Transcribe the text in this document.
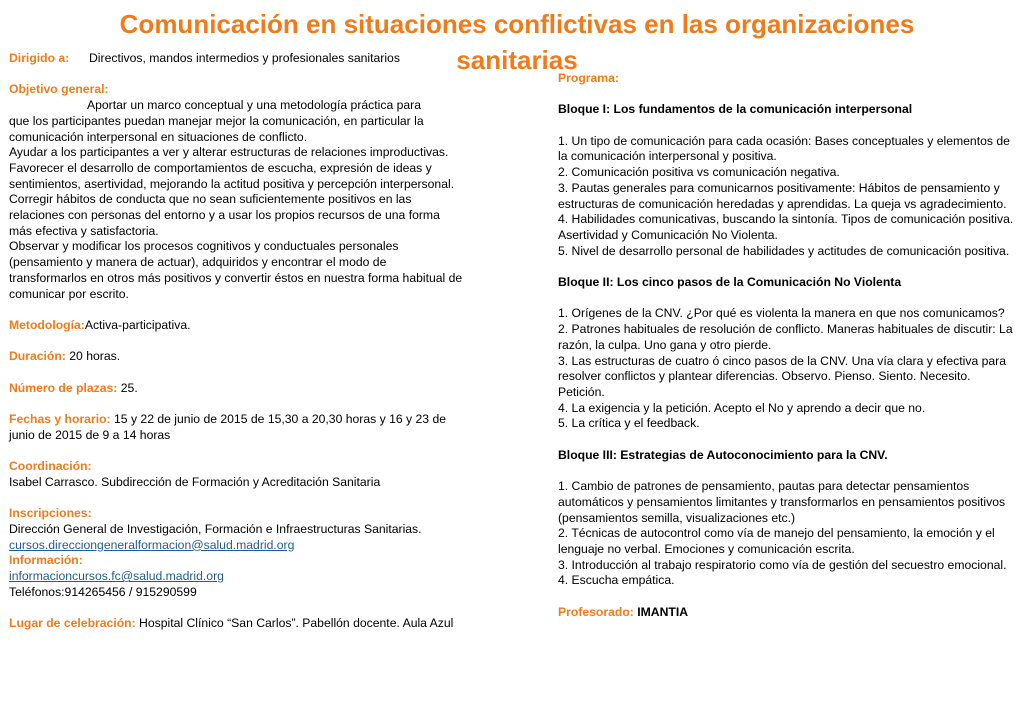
Comunicación en situaciones conflictivas en las organizaciones sanitarias

Dirigido a: Directivos, mandos intermedios y profesionales sanitarios

Objetivo general:

Aportar un marco conceptual y una metodología práctica para

que los participantes puedan manejar mejor la comunicación, en particular la comunicación interpersonal en situaciones de conflicto.

Ayudar a los participantes a ver y alterar estructuras de relaciones improductivas.

Favorecer el desarrollo de comportamientos de escucha, expresión de ideas y sentimientos, asertividad, mejorando la actitud positiva y percepción interpersonal.

Corregir hábitos de conducta que no sean suficientemente positivos en las relaciones con personas del entorno y a usar los propios recursos de una forma más efectiva y satisfactoria.

Observar y modificar los procesos cognitivos y conductuales personales (pensamiento y manera de actuar), adquiridos y encontrar el modo de transformarlos en otros más positivos y convertir éstos en nuestra forma habitual de comunicar por escrito.

Metodología:Activa-participativa.

Duración: 20 horas.

Número de plazas: 25.

Fechas y horario: 15 y 22 de junio de 2015 de 15,30 a 20,30 horas y 16 y 23 de junio de 2015 de 9 a 14 horas

Coordinación:

Isabel Carrasco. Subdirección de Formación y Acreditación Sanitaria

Inscripciones:

Dirección General de Investigación, Formación e Infraestructuras Sanitarias.

cursos.direcciongeneralformacion@salud.madrid.org

Información:

informacioncursos.fc@salud.madrid.org

Teléfonos:914265456 / 915290599

Lugar de celebración: Hospital Clínico “San Carlos”. Pabellón docente. Aula Azul

Programa:

Bloque I: Los fundamentos de la comunicación interpersonal

1. Un tipo de comunicación para cada ocasión: Bases conceptuales y elementos de la comunicación interpersonal y positiva.

2. Comunicación positiva vs comunicación negativa.

3. Pautas generales para comunicarnos positivamente: Hábitos de pensamiento y estructuras de comunicación heredadas y aprendidas. La queja vs agradecimiento.

4. Habilidades comunicativas, buscando la sintonía. Tipos de comunicación positiva. Asertividad y Comunicación No Violenta.

5. Nivel de desarrollo personal de habilidades y actitudes de comunicación positiva.

Bloque II: Los cinco pasos de la Comunicación No Violenta

1. Orígenes de la CNV. ¿Por qué es violenta la manera en que nos comunicamos?

2. Patrones habituales de resolución de conflicto. Maneras habituales de discutir: La razón, la culpa. Uno gana y otro pierde.

3. Las estructuras de cuatro ó cinco pasos de la CNV. Una vía clara y efectiva para resolver conflictos y plantear diferencias. Observo. Pienso. Siento. Necesito. Petición.

4. La exigencia y la petición. Acepto el No y aprendo a decir que no.

5. La crítica y el feedback.

Bloque III: Estrategias de Autoconocimiento para la CNV.

1. Cambio de patrones de pensamiento, pautas para detectar pensamientos automáticos y pensamientos limitantes y transformarlos en pensamientos positivos (pensamientos semilla, visualizaciones etc.)

2. Técnicas de autocontrol como vía de manejo del pensamiento, la emoción y el lenguaje no verbal. Emociones y comunicación escrita.

3. Introducción al trabajo respiratorio como vía de gestión del secuestro emocional.

4. Escucha empática.

Profesorado: IMANTIA
